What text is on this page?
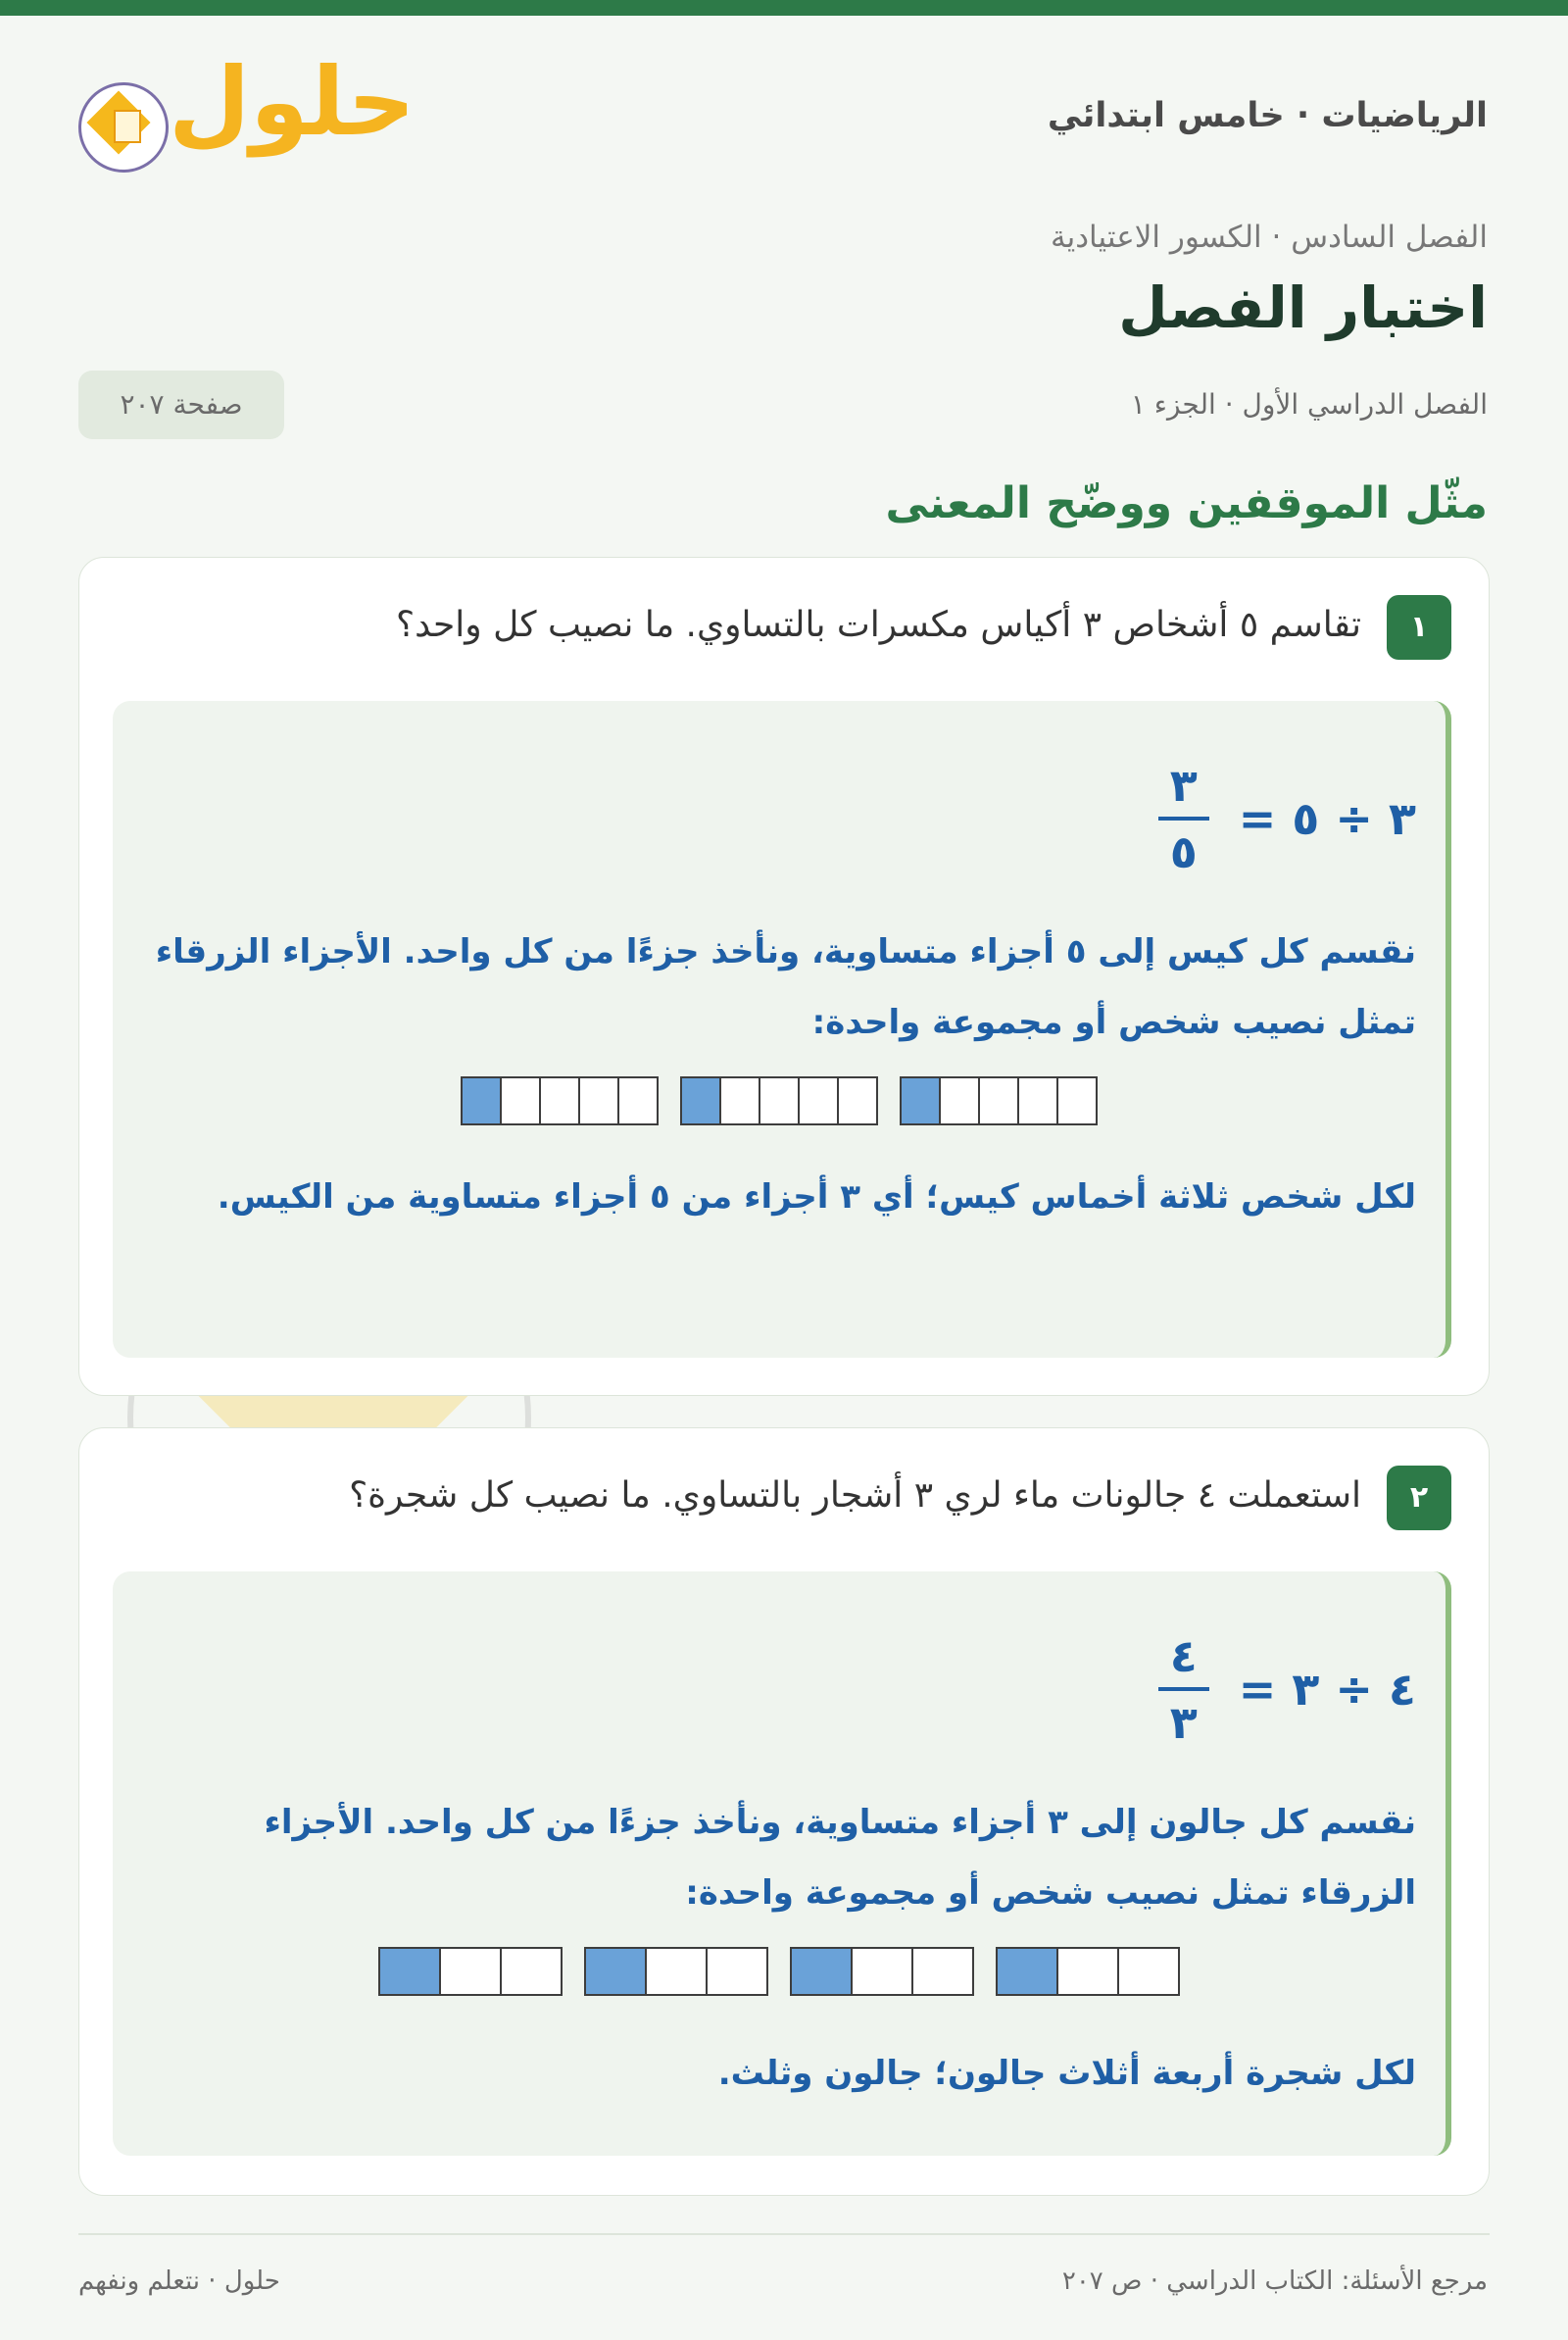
الرياضيات · خامس ابتدائي
حلول
الفصل السادس · الكسور الاعتيادية
اختبار الفصل
الفصل الدراسي الأول · الجزء ١
صفحة ٢٠٧
مثّل الموقفين ووضّح المعنى
١
تقاسم ٥ أشخاص ٣ أكياس مكسرات بالتساوي. ما نصيب كل واحد؟
٣
÷
٥
=
$\frac{٣}{٥}$
نقسم كل كيس إلى ٥ أجزاء متساوية، ونأخذ جزءًا من كل واحد. الأجزاء الزرقاء تمثل نصيب شخص أو مجموعة واحدة:
لكل شخص ثلاثة أخماس كيس؛ أي ٣ أجزاء من ٥ أجزاء متساوية من الكيس.
٢
استعملت ٤ جالونات ماء لري ٣ أشجار بالتساوي. ما نصيب كل شجرة؟
٤
÷
٣
=
$\frac{٤}{٣}$
نقسم كل جالون إلى ٣ أجزاء متساوية، ونأخذ جزءًا من كل واحد. الأجزاء الزرقاء تمثل نصيب شخص أو مجموعة واحدة:
لكل شجرة أربعة أثلاث جالون؛ جالون وثلث.
مرجع الأسئلة: الكتاب الدراسي · ص ٢٠٧
حلول · نتعلم ونفهم
